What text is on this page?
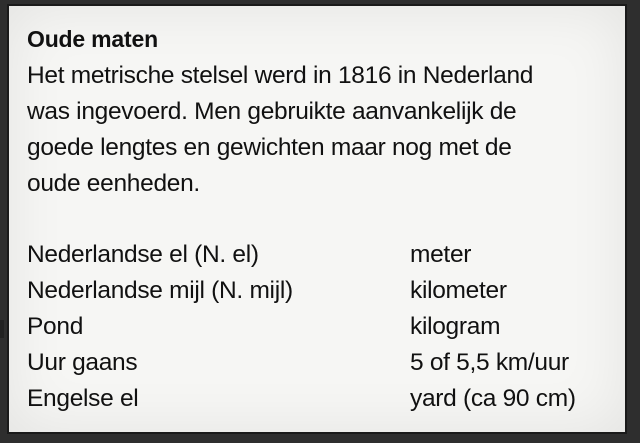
Oude maten
Het metrische stelsel werd in 1816 in Nederland
was ingevoerd. Men gebruikte aanvankelijk de
goede lengtes en gewichten maar nog met de
oude eenheden.
Nederlandse el (N. el)	meter
Nederlandse mijl (N. mijl)	kilometer
Pond	kilogram
Uur gaans	5 of 5,5 km/uur
Engelse el	yard (ca 90 cm)
